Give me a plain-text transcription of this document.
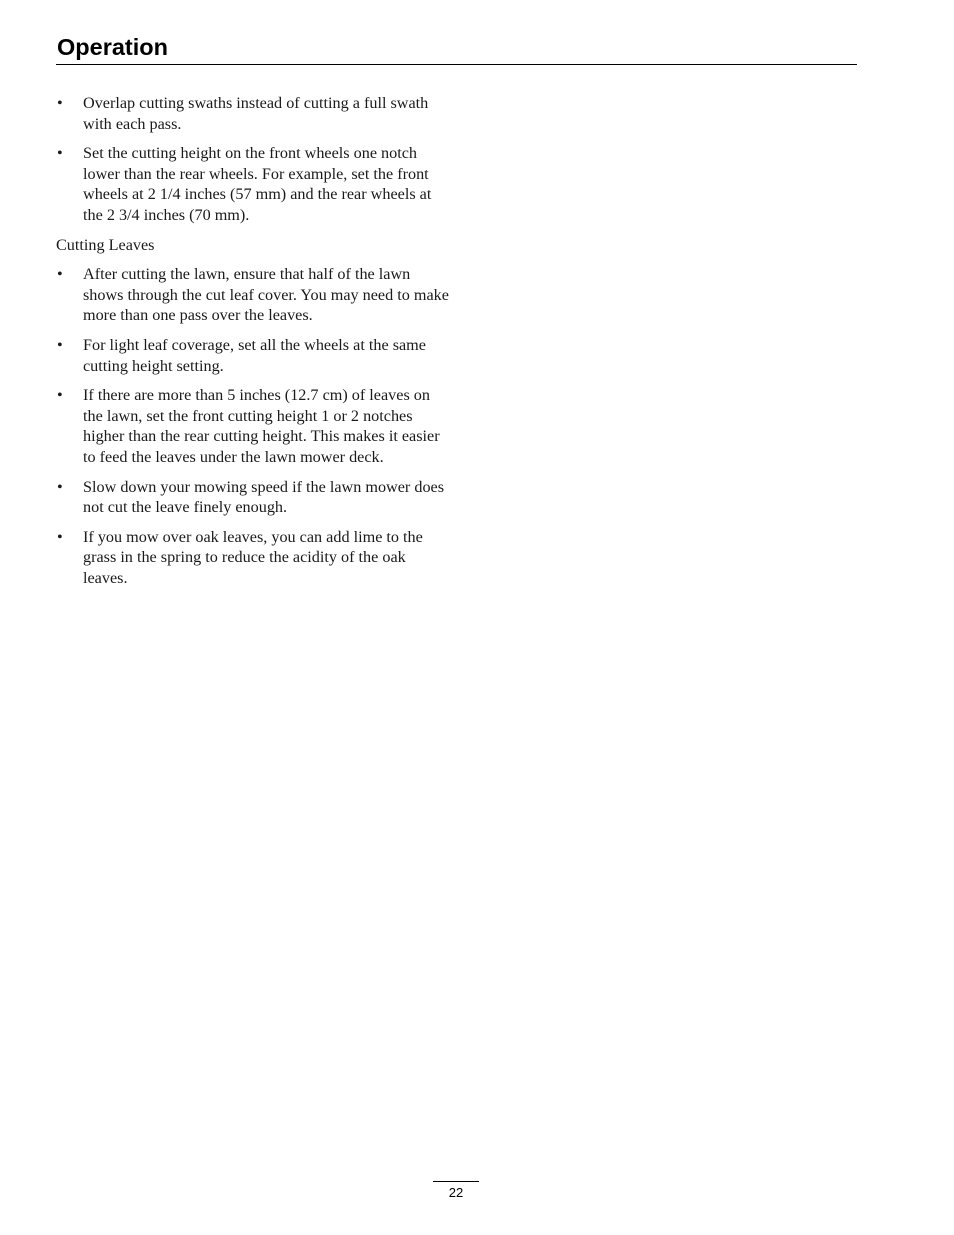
Operation
• Overlap cutting swaths instead of cutting a full swath with each pass.
• Set the cutting height on the front wheels one notch lower than the rear wheels. For example, set the front wheels at 2 1/4 inches (57 mm) and the rear wheels at the 2 3/4 inches (70 mm).

Cutting Leaves

• After cutting the lawn, ensure that half of the lawn shows through the cut leaf cover. You may need to make more than one pass over the leaves.
• For light leaf coverage, set all the wheels at the same cutting height setting.
• If there are more than 5 inches (12.7 cm) of leaves on the lawn, set the front cutting height 1 or 2 notches higher than the rear cutting height. This makes it easier to feed the leaves under the lawn mower deck.
• Slow down your mowing speed if the lawn mower does not cut the leave finely enough.
• If you mow over oak leaves, you can add lime to the grass in the spring to reduce the acidity of the oak leaves.
22
